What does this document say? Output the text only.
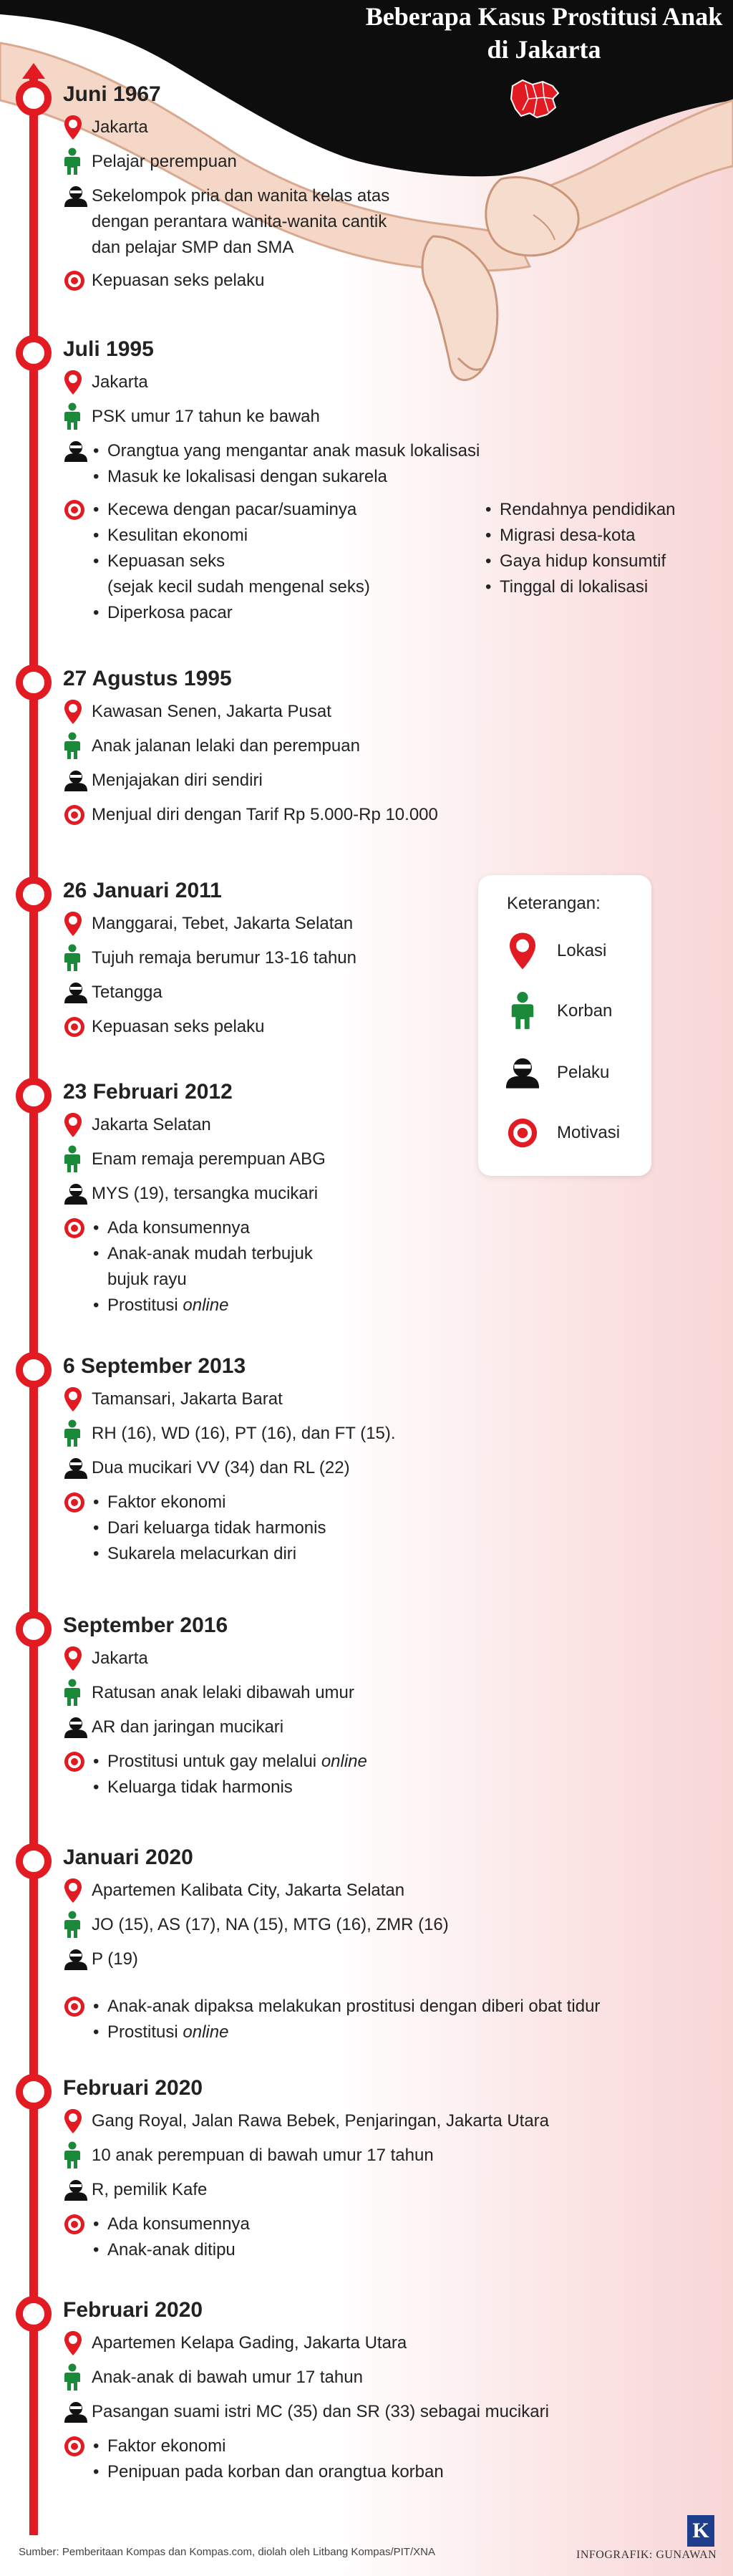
Beberapa Kasus Prostitusi Anak
di Jakarta
Juni 1967
Jakarta
Pelajar perempuan
Sekelompok pria dan wanita kelas atas
dengan perantara wanita-wanita cantik
dan pelajar SMP dan SMA
Kepuasan seks pelaku
Juli 1995
Jakarta
PSK umur 17 tahun ke bawah
• Orangtua yang mengantar anak masuk lokalisasi
• Masuk ke lokalisasi dengan sukarela
• Kecewa dengan pacar/suaminya
• Kesulitan ekonomi
• Kepuasan seks
(sejak kecil sudah mengenal seks)
• Diperkosa pacar
• Rendahnya pendidikan
• Migrasi desa-kota
• Gaya hidup konsumtif
• Tinggal di lokalisasi
27 Agustus 1995
Kawasan Senen, Jakarta Pusat
Anak jalanan lelaki dan perempuan
Menjajakan diri sendiri
Menjual diri dengan Tarif Rp 5.000-Rp 10.000
26 Januari 2011
Manggarai, Tebet, Jakarta Selatan
Tujuh remaja berumur 13-16 tahun
Tetangga
Kepuasan seks pelaku
23 Februari 2012
Jakarta Selatan
Enam remaja perempuan ABG
MYS (19), tersangka mucikari
• Ada konsumennya
• Anak-anak mudah terbujuk
bujuk rayu
• Prostitusi online
6 September 2013
Tamansari, Jakarta Barat
RH (16), WD (16), PT (16), dan FT (15).
Dua mucikari VV (34) dan RL (22)
• Faktor ekonomi
• Dari keluarga tidak harmonis
• Sukarela melacurkan diri
September 2016
Jakarta
Ratusan anak lelaki dibawah umur
AR dan jaringan mucikari
• Prostitusi untuk gay melalui online
• Keluarga tidak harmonis
Januari 2020
Apartemen Kalibata City, Jakarta Selatan
JO (15), AS (17), NA (15), MTG (16), ZMR (16)
P (19)
• Anak-anak dipaksa melakukan prostitusi dengan diberi obat tidur
• Prostitusi online
Februari 2020
Gang Royal, Jalan Rawa Bebek, Penjaringan, Jakarta Utara
10 anak perempuan di bawah umur 17 tahun
R, pemilik Kafe
• Ada konsumennya
• Anak-anak ditipu
Februari 2020
Apartemen Kelapa Gading, Jakarta Utara
Anak-anak di bawah umur 17 tahun
Pasangan suami istri MC (35) dan SR (33) sebagai mucikari
• Faktor ekonomi
• Penipuan pada korban dan orangtua korban
Keterangan:
Lokasi
Korban
Pelaku
Motivasi
Sumber: Pemberitaan Kompas dan Kompas.com, diolah oleh Litbang Kompas/PIT/XNA
K
INFOGRAFIK: GUNAWAN
